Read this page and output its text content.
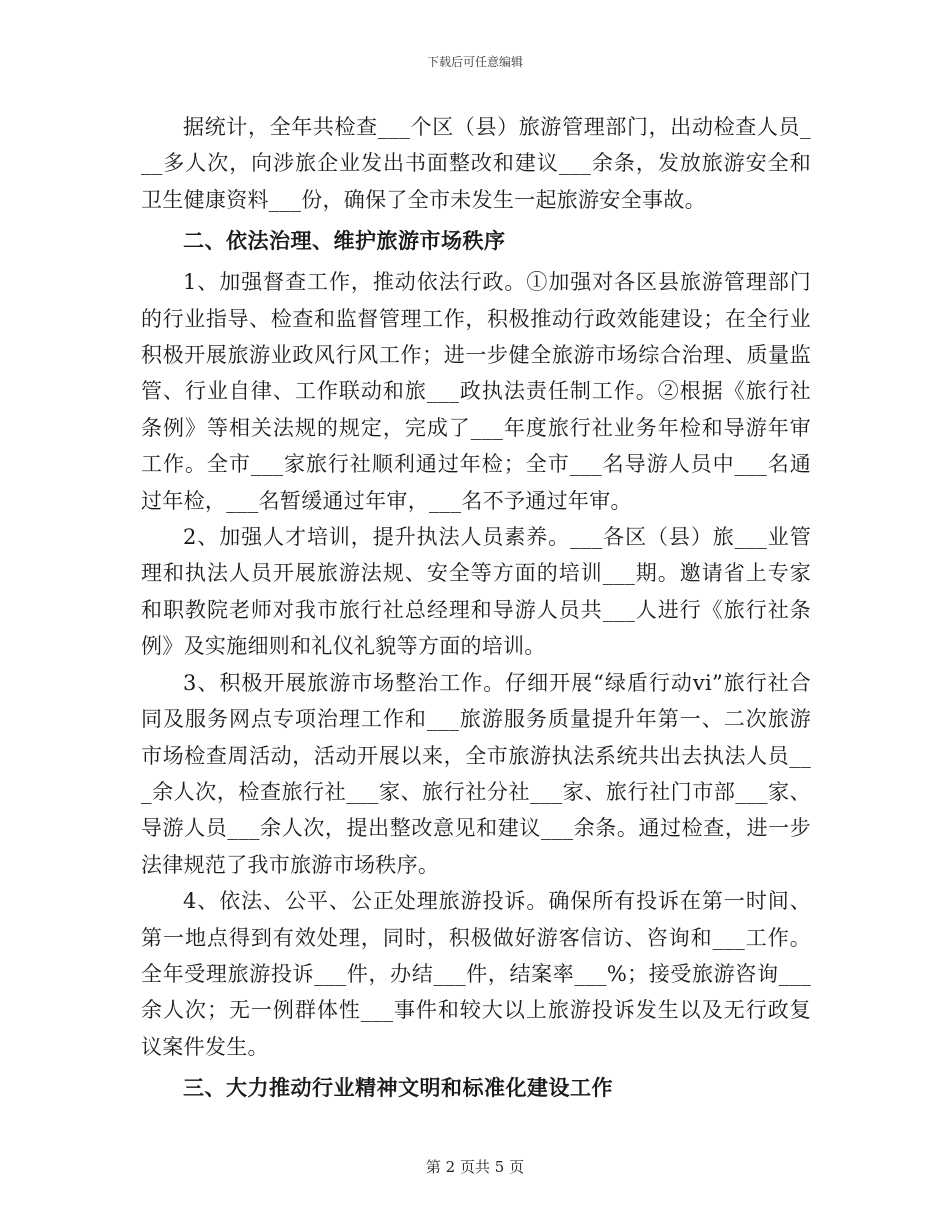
下载后可任意编辑

据统计，全年共检查___个区（县）旅游管理部门，出动检查人员___多人次，向涉旅企业发出书面整改和建议___余条，发放旅游安全和卫生健康资料___份，确保了全市未发生一起旅游安全事故。

二、依法治理、维护旅游市场秩序

1、加强督查工作，推动依法行政。①加强对各区县旅游管理部门的行业指导、检查和监督管理工作，积极推动行政效能建设；在全行业积极开展旅游业政风行风工作；进一步健全旅游市场综合治理、质量监管、行业自律、工作联动和旅___政执法责任制工作。②根据《旅行社条例》等相关法规的规定，完成了___年度旅行社业务年检和导游年审工作。全市___家旅行社顺利通过年检；全市___名导游人员中___名通过年检，___名暂缓通过年审，___名不予通过年审。

2、加强人才培训，提升执法人员素养。___各区（县）旅___业管理和执法人员开展旅游法规、安全等方面的培训___期。邀请省上专家和职教院老师对我市旅行社总经理和导游人员共___人进行《旅行社条例》及实施细则和礼仪礼貌等方面的培训。

3、积极开展旅游市场整治工作。仔细开展“绿盾行动vi”旅行社合同及服务网点专项治理工作和___旅游服务质量提升年第一、二次旅游市场检查周活动，活动开展以来，全市旅游执法系统共出去执法人员___余人次，检查旅行社___家、旅行社分社___家、旅行社门市部___家、导游人员___余人次，提出整改意见和建议___余条。通过检查，进一步法律规范了我市旅游市场秩序。

4、依法、公平、公正处理旅游投诉。确保所有投诉在第一时间、第一地点得到有效处理，同时，积极做好游客信访、咨询和___工作。全年受理旅游投诉___件，办结___件，结案率___%；接受旅游咨询___余人次；无一例群体性___事件和较大以上旅游投诉发生以及无行政复议案件发生。

三、大力推动行业精神文明和标准化建设工作

第 2 页共 5 页
